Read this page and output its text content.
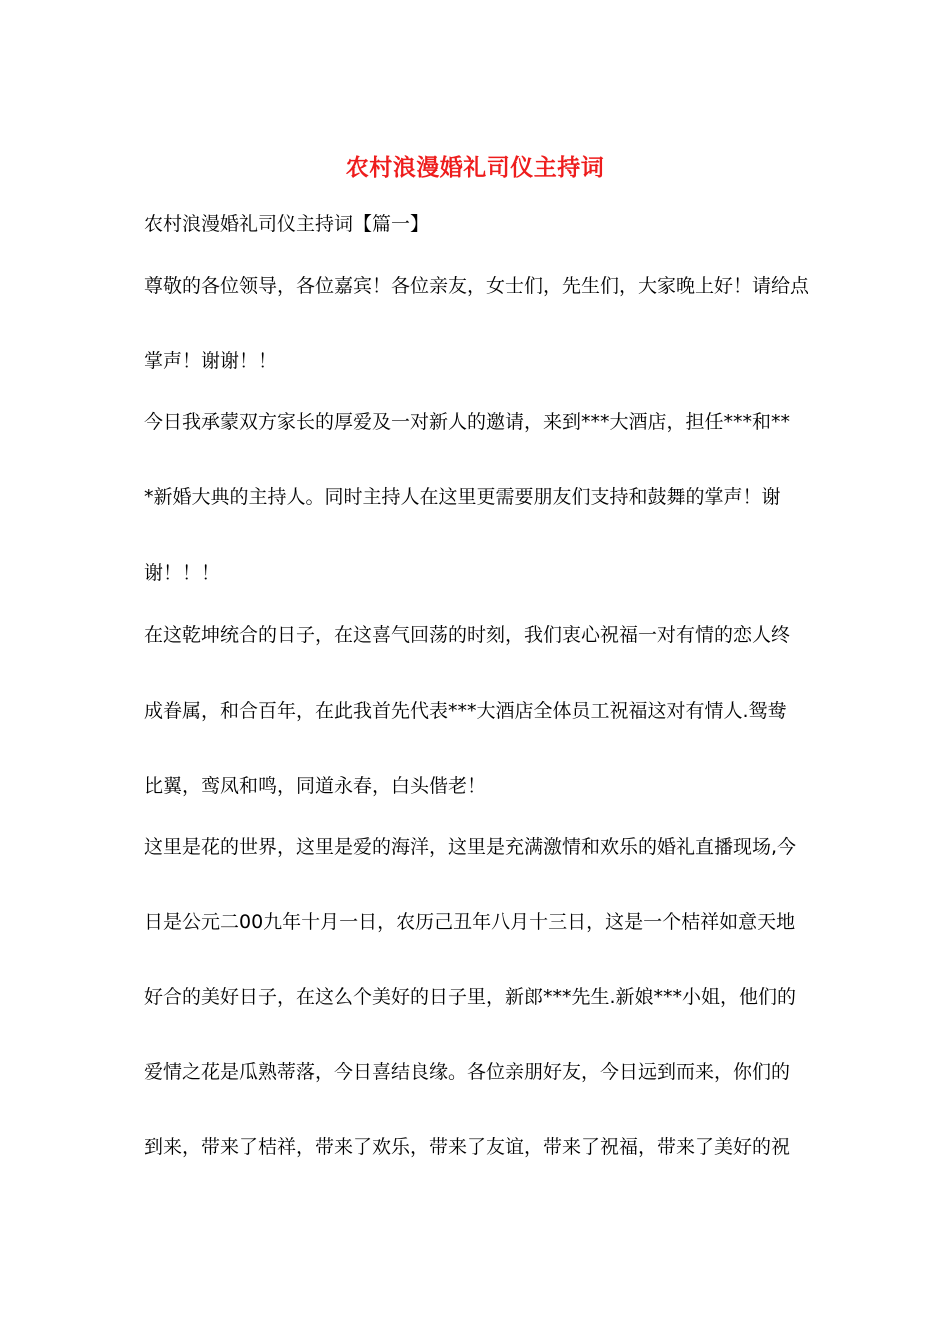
农村浪漫婚礼司仪主持词
农村浪漫婚礼司仪主持词【篇一】
尊敬的各位领导，各位嘉宾！各位亲友，女士们，先生们，大家晚上好！请给点
掌声！谢谢！！
今日我承蒙双方家长的厚爱及一对新人的邀请，来到***大酒店，担任***和**
*新婚大典的主持人。同时主持人在这里更需要朋友们支持和鼓舞的掌声！谢
谢！！！
在这乾坤统合的日子，在这喜气回荡的时刻，我们衷心祝福一对有情的恋人终
成眷属，和合百年，在此我首先代表***大酒店全体员工祝福这对有情人.鸳鸯
比翼，鸾凤和鸣，同道永春，白头偕老！
这里是花的世界，这里是爱的海洋，这里是充满激情和欢乐的婚礼直播现场,今
日是公元二00九年十月一日，农历己丑年八月十三日，这是一个桔祥如意天地
好合的美好日子，在这么个美好的日子里，新郎***先生.新娘***小姐，他们的
爱情之花是瓜熟蒂落，今日喜结良缘。各位亲朋好友，今日远到而来，你们的
到来，带来了桔祥，带来了欢乐，带来了友谊，带来了祝福，带来了美好的祝
